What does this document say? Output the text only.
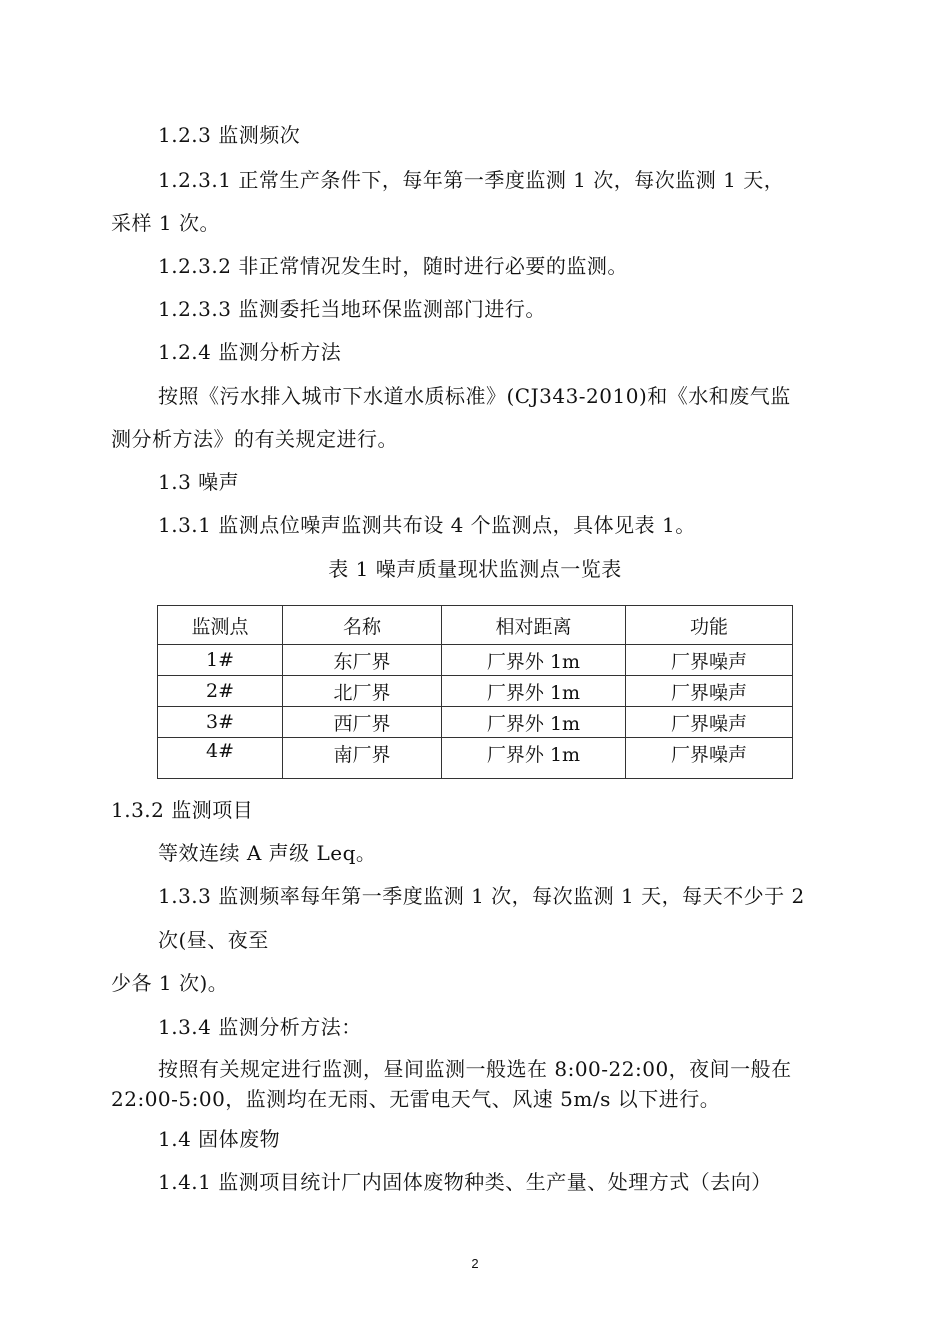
1.2.3 监测频次
1.2.3.1 正常生产条件下，每年第一季度监测 1 次，每次监测 1 天，
采样 1 次。
1.2.3.2 非正常情况发生时，随时进行必要的监测。
1.2.3.3 监测委托当地环保监测部门进行。
1.2.4 监测分析方法
按照《污水排入城市下水道水质标准》(CJ343-2010)和《水和废气监
测分析方法》的有关规定进行。
1.3 噪声
1.3.1 监测点位噪声监测共布设 4 个监测点，具体见表 1。
表 1 噪声质量现状监测点一览表
监测点	名称	相对距离	功能
1#	东厂界	厂界外 1m	厂界噪声
2#	北厂界	厂界外 1m	厂界噪声
3#	西厂界	厂界外 1m	厂界噪声
4#	南厂界	厂界外 1m	厂界噪声
1.3.2 监测项目
等效连续 A 声级 Leq。
1.3.3 监测频率每年第一季度监测 1 次，每次监测 1 天，每天不少于 2
次(昼、夜至
少各 1 次)。
1.3.4 监测分析方法：
按照有关规定进行监测，昼间监测一般选在 8:00-22:00，夜间一般在
22:00-5:00，监测均在无雨、无雷电天气、风速 5m/s 以下进行。
1.4 固体废物
1.4.1 监测项目统计厂内固体废物种类、生产量、处理方式（去向）
2
